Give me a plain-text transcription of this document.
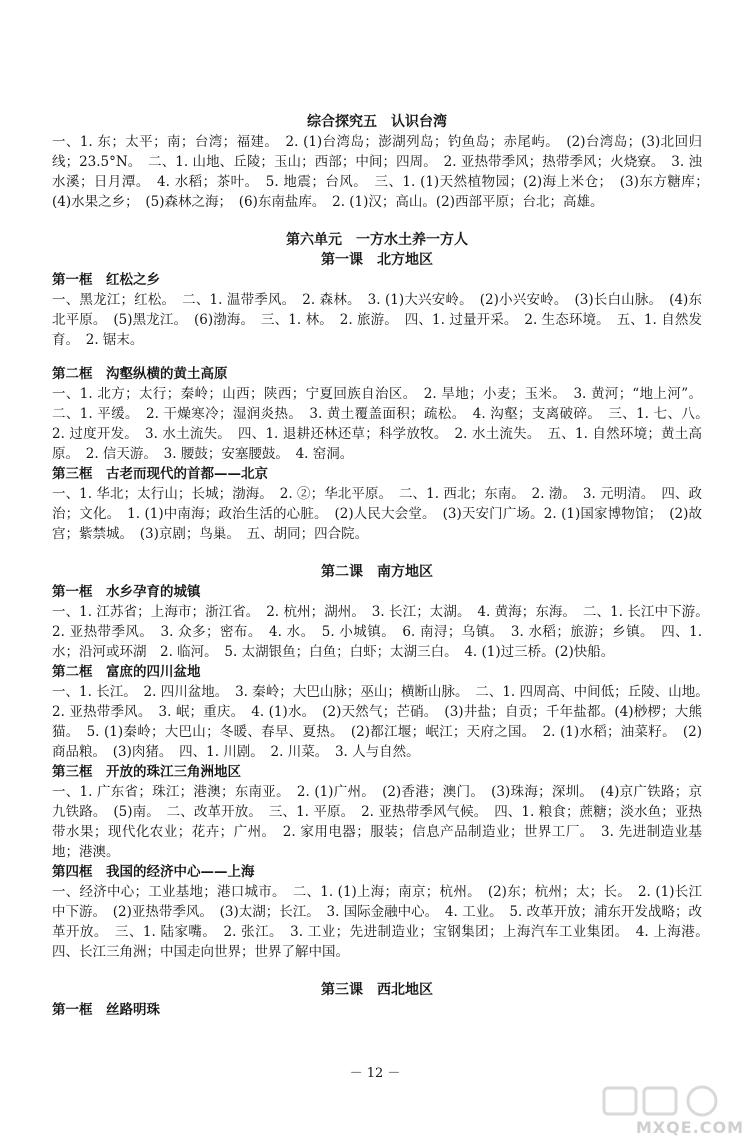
综合探究五　认识台湾

一、1. 东；太平；南；台湾；福建。　2. (1)台湾岛；澎湖列岛；钓鱼岛；赤尾屿。　(2)台湾岛；(3)北回归线；23.5°N。　二、1. 山地、丘陵；玉山；西部；中间；四周。　2. 亚热带季风；热带季风；火烧寮。　3. 浊水溪；日月潭。　4. 水稻；茶叶。　5. 地震；台风。　三、1. (1)天然植物园；(2)海上米仓；　(3)东方糖库；　(4)水果之乡；　(5)森林之海；　(6)东南盐库。　2. (1)汉；高山。(2)西部平原；台北；高雄。

第六单元　一方水土养一方人
第一课　北方地区
第一框　红松之乡

一、黑龙江；红松。　二、1. 温带季风。　2. 森林。　3. (1)大兴安岭。　(2)小兴安岭。　(3)长白山脉。　(4)东北平原。　(5)黑龙江。　(6)渤海。　三、1. 林。　2. 旅游。　四、1. 过量开采。　2. 生态环境。　五、1. 自然发育。　2. 锯末。

第二框　沟壑纵横的黄土高原

一、1. 北方；太行；秦岭；山西；陕西；宁夏回族自治区。　2. 旱地；小麦；玉米。　3. 黄河；“地上河”。二、1. 平缓。　2. 干燥寒冷；湿润炎热。　3. 黄土覆盖面积；疏松。　4. 沟壑；支离破碎。　三、1. 七、八。　2. 过度开发。　3. 水土流失。　四、1. 退耕还林还草；科学放牧。　2. 水土流失。　五、1. 自然环境；黄土高原。　2. 信天游。　3. 腰鼓；安塞腰鼓。　4. 窑洞。

第三框　古老而现代的首都——北京

一、1. 华北；太行山；长城；渤海。　2. ②；华北平原。　二、1. 西北；东南。　2. 渤。　3. 元明清。　四、政治；文化。　1. (1)中南海；政治生活的心脏。　(2)人民大会堂。　(3)天安门广场。2. (1)国家博物馆；　(2)故宫；紫禁城。　(3)京剧；鸟巢。　五、胡同；四合院。

第二课　南方地区
第一框　水乡孕育的城镇

一、1. 江苏省；上海市；浙江省。　2. 杭州；湖州。　3. 长江；太湖。　4. 黄海；东海。　二、1. 长江中下游。　2. 亚热带季风。　3. 众多；密布。　4. 水。　5. 小城镇。　6. 南浔；乌镇。　3. 水稻；旅游；乡镇。　四、1. 水；沿河或环湖　2. 临河。　5. 太湖银鱼；白鱼；白虾；太湖三白。　4. (1)过三桥。(2)快船。

第二框　富庶的四川盆地

一、1. 长江。　2. 四川盆地。　3. 秦岭；大巴山脉；巫山；横断山脉。　二、1. 四周高、中间低；丘陵、山地。　2. 亚热带季风。　3. 岷；重庆。　4. (1)水。　(2)天然气；芒硝。　(3)井盐；自贡；千年盐都。(4)桫椤；大熊猫。　5. (1)秦岭；大巴山；冬暖、春早、夏热。　(2)都江堰；岷江；天府之国。　2. (1)水稻；油菜籽。　(2)商品粮。　(3)肉猪。　四、1. 川剧。　2. 川菜。　3. 人与自然。

第三框　开放的珠江三角洲地区

一、1. 广东省；珠江；港澳；东南亚。　2. (1)广州。　(2)香港；澳门。　(3)珠海；深圳。　(4)京广铁路；京九铁路。　(5)南。　二、改革开放。　三、1. 平原。　2. 亚热带季风气候。　四、1. 粮食；蔗糖；淡水鱼；亚热带水果；现代化农业；花卉；广州。　2. 家用电器；服装；信息产品制造业；世界工厂。　3. 先进制造业基地；港澳。

第四框　我国的经济中心——上海

一、经济中心；工业基地；港口城市。　二、1. (1)上海；南京；杭州。　(2)东；杭州；太；长。　2. (1)长江中下游。　(2)亚热带季风。　(3)太湖；长江。　3. 国际金融中心。　4. 工业。　5. 改革开放；浦东开发战略；改革开放。　三、1. 陆家嘴。　2. 张江。　3. 工业；先进制造业；宝钢集团；上海汽车工业集团。　4. 上海港。　四、长江三角洲；中国走向世界；世界了解中国。

第三课　西北地区
第一框　丝路明珠
－ 12 －
MXQE.COM
